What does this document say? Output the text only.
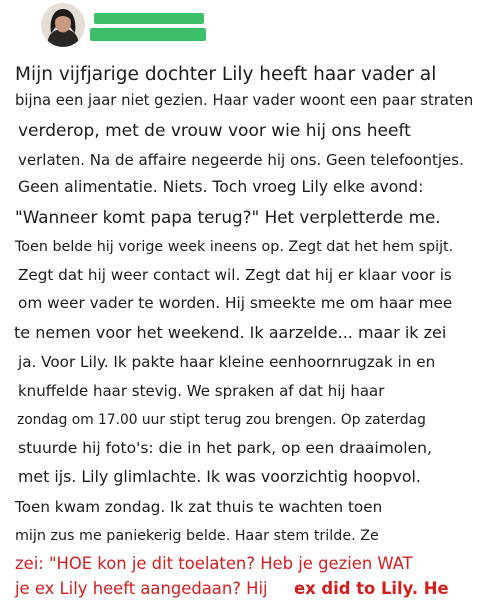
Mijn vijfjarige dochter Lily heeft haar vader al
bijna een jaar niet gezien. Haar vader woont een paar straten
verderop, met de vrouw voor wie hij ons heeft
verlaten. Na de affaire negeerde hij ons. Geen telefoontjes.
Geen alimentatie. Niets. Toch vroeg Lily elke avond:
"Wanneer komt papa terug?" Het verpletterde me.
Toen belde hij vorige week ineens op. Zegt dat het hem spijt.
Zegt dat hij weer contact wil. Zegt dat hij er klaar voor is
om weer vader te worden. Hij smeekte me om haar mee
te nemen voor het weekend. Ik aarzelde... maar ik zei
ja. Voor Lily. Ik pakte haar kleine eenhoornrugzak in en
knuffelde haar stevig. We spraken af dat hij haar
zondag om 17.00 uur stipt terug zou brengen. Op zaterdag
stuurde hij foto's: die in het park, op een draaimolen,
met ijs. Lily glimlachte. Ik was voorzichtig hoopvol.
Toen kwam zondag. Ik zat thuis te wachten toen
mijn zus me paniekerig belde. Haar stem trilde. Ze
zei: "HOE kon je dit toelaten? Heb je gezien WAT
je ex Lily heeft aangedaan? Hij ex did to Lily. He
